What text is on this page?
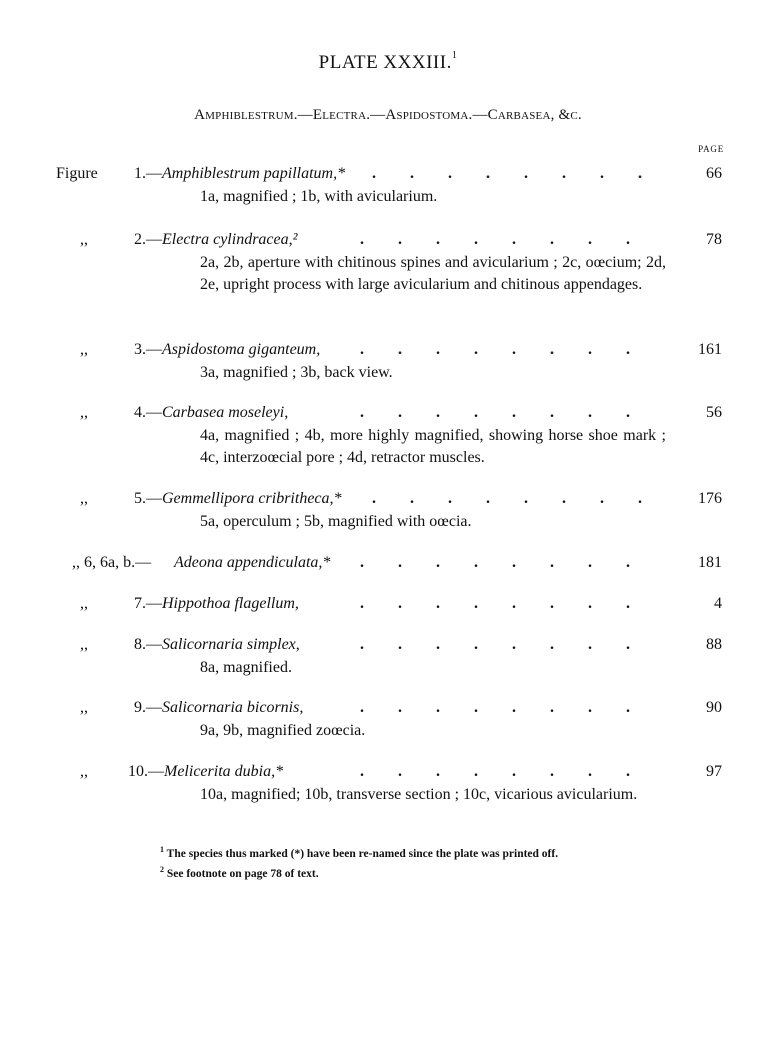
PLATE XXXIII.$^1$
Amphiblestrum.—Electra.—Aspidostoma.—Carbasea, &c.
PAGE
Figure	1.—Amphiblestrum papillatum,* ........	66
1a, magnified ; 1b, with avicularium.
,,	2.—Electra cylindracea,²	........	78
2a, 2b, aperture with chitinous spines and avicularium ; 2c, oœcium; 2d, 2e, upright process with large avicularium and chitinous appendages.
,,	3.—Aspidostoma giganteum, ........	161
3a, magnified ; 3b, back view.
,,	4.—Carbasea moseleyi,	........	56
4a, magnified ; 4b, more highly magnified, showing horse shoe mark ; 4c, interzoœcial pore ; 4d, retractor muscles.
,,	5.—Gemmellipora cribritheca,* ........	176
5a, operculum ; 5b, magnified with oœcia.
,, 6, 6a, b.—	Adeona appendiculata,* ........	181
,,	7.—Hippothoa flagellum,	........	4
,,	8.—Salicornaria simplex,	........	88
8a, magnified.
,,	9.—Salicornaria bicornis,	........	90
9a, 9b, magnified zoœcia.
,,	10.—Melicerita dubia,*	........	97
10a, magnified; 10b, transverse section ; 10c, vicarious avicularium.
$^1$ The species thus marked (*) have been re-named since the plate was printed off.
$^2$ See footnote on page 78 of text.
